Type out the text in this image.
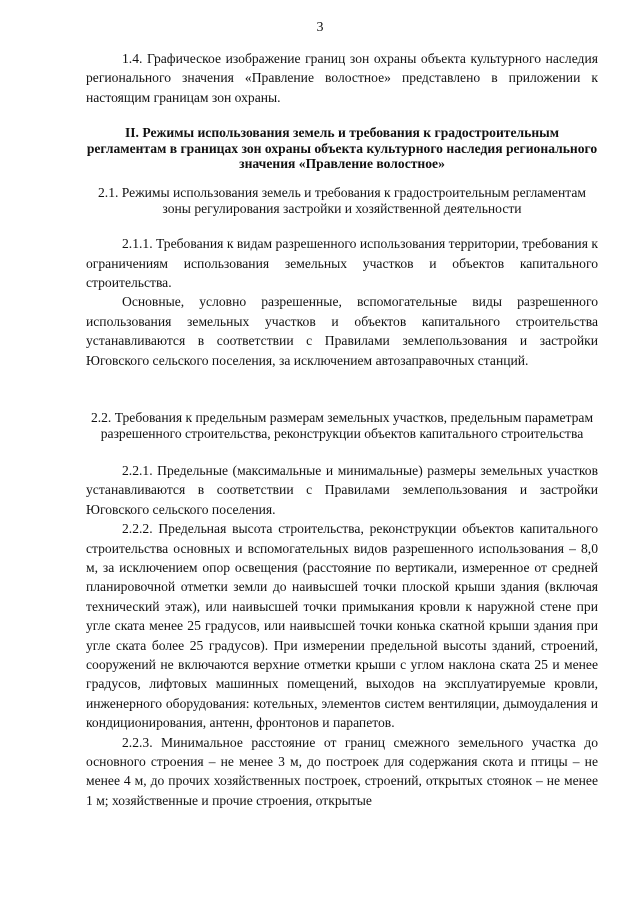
3

1.4. Графическое изображение границ зон охраны объекта культурного наследия регионального значения «Правление волостное» представлено в приложении к настоящим границам зон охраны.

II. Режимы использования земель и требования к градостроительным регламентам в границах зон охраны объекта культурного наследия регионального значения «Правление волостное»

2.1. Режимы использования земель и требования к градостроительным регламентам зоны регулирования застройки и хозяйственной деятельности

2.1.1. Требования к видам разрешенного использования территории, требования к ограничениям использования земельных участков и объектов капитального строительства.

Основные, условно разрешенные, вспомогательные виды разрешенного использования земельных участков и объектов капитального строительства устанавливаются в соответствии с Правилами землепользования и застройки Юговского сельского поселения, за исключением автозаправочных станций.

2.2. Требования к предельным размерам земельных участков, предельным параметрам разрешенного строительства, реконструкции объектов капитального строительства

2.2.1. Предельные (максимальные и минимальные) размеры земельных участков устанавливаются в соответствии с Правилами землепользования и застройки Юговского сельского поселения.

2.2.2. Предельная высота строительства, реконструкции объектов капитального строительства основных и вспомогательных видов разрешенного использования – 8,0 м, за исключением опор освещения (расстояние по вертикали, измеренное от средней планировочной отметки земли до наивысшей точки плоской крыши здания (включая технический этаж), или наивысшей точки примыкания кровли к наружной стене при угле ската менее 25 градусов, или наивысшей точки конька скатной крыши здания при угле ската более 25 градусов). При измерении предельной высоты зданий, строений, сооружений не включаются верхние отметки крыши с углом наклона ската 25 и менее градусов, лифтовых машинных помещений, выходов на эксплуатируемые кровли, инженерного оборудования: котельных, элементов систем вентиляции, дымоудаления и кондиционирования, антенн, фронтонов и парапетов.

2.2.3. Минимальное расстояние от границ смежного земельного участка до основного строения – не менее 3 м, до построек для содержания скота и птицы – не менее 4 м, до прочих хозяйственных построек, строений, открытых стоянок – не менее 1 м; хозяйственные и прочие строения, открытые
